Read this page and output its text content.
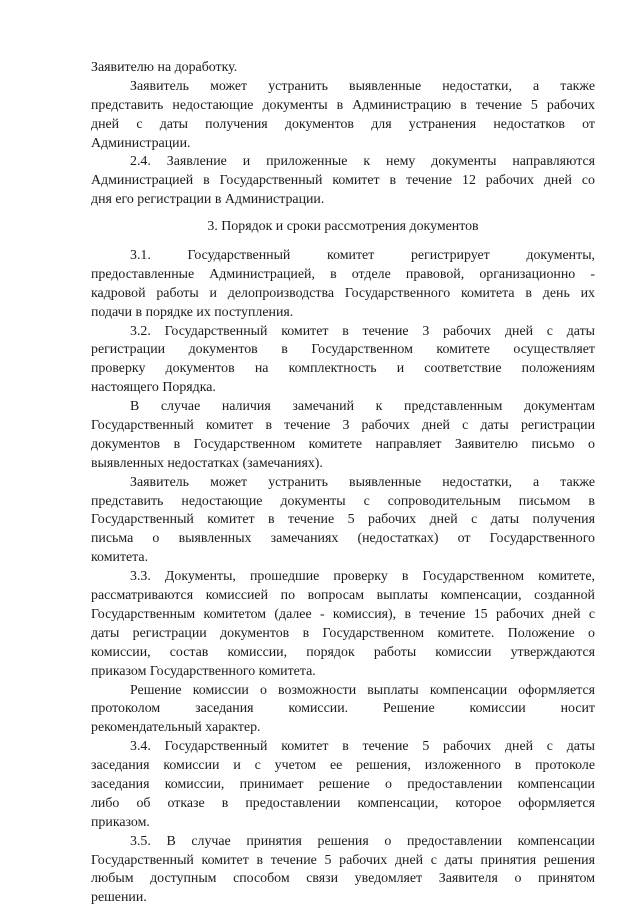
Заявителю на доработку.
Заявитель может устранить выявленные недостатки, а также
представить недостающие документы в Администрацию в течение 5 рабочих
дней с даты получения документов для устранения недостатков от
Администрации.
2.4. Заявление и приложенные к нему документы направляются
Администрацией в Государственный комитет в течение 12 рабочих дней со
дня его регистрации в Администрации.
3. Порядок и сроки рассмотрения документов
3.1. Государственный комитет регистрирует документы,
предоставленные Администрацией, в отделе правовой, организационно -
кадровой работы и делопроизводства Государственного комитета в день их
подачи в порядке их поступления.
3.2. Государственный комитет в течение 3 рабочих дней с даты
регистрации документов в Государственном комитете осуществляет
проверку документов на комплектность и соответствие положениям
настоящего Порядка.
В случае наличия замечаний к представленным документам
Государственный комитет в течение 3 рабочих дней с даты регистрации
документов в Государственном комитете направляет Заявителю письмо о
выявленных недостатках (замечаниях).
Заявитель может устранить выявленные недостатки, а также
представить недостающие документы с сопроводительным письмом в
Государственный комитет в течение 5 рабочих дней с даты получения
письма о выявленных замечаниях (недостатках) от Государственного
комитета.
3.3. Документы, прошедшие проверку в Государственном комитете,
рассматриваются комиссией по вопросам выплаты компенсации, созданной
Государственным комитетом (далее - комиссия), в течение 15 рабочих дней с
даты регистрации документов в Государственном комитете. Положение о
комиссии, состав комиссии, порядок работы комиссии утверждаются
приказом Государственного комитета.
Решение комиссии о возможности выплаты компенсации оформляется
протоколом заседания комиссии. Решение комиссии носит
рекомендательный характер.
3.4. Государственный комитет в течение 5 рабочих дней с даты
заседания комиссии и с учетом ее решения, изложенного в протоколе
заседания комиссии, принимает решение о предоставлении компенсации
либо об отказе в предоставлении компенсации, которое оформляется
приказом.
3.5. В случае принятия решения о предоставлении компенсации
Государственный комитет в течение 5 рабочих дней с даты принятия решения
любым доступным способом связи уведомляет Заявителя о принятом
решении.
